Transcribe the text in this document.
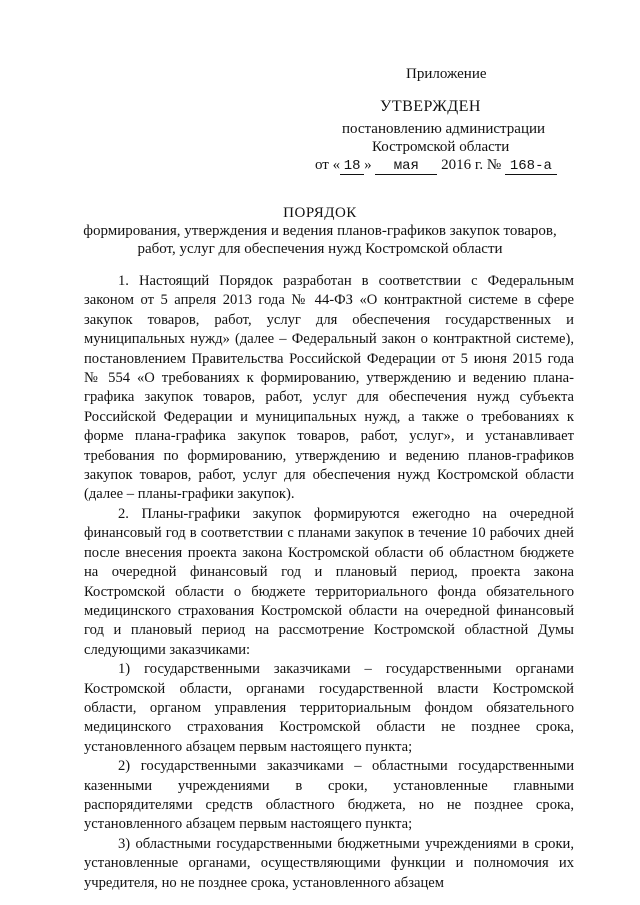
Приложение
УТВЕРЖДЕН
постановлению администрации
Костромской области
от « 18 » мая 2016 г. № 168-а
ПОРЯДОК
формирования, утверждения и ведения планов-графиков закупок товаров,
работ, услуг для обеспечения нужд Костромской области

1. Настоящий Порядок разработан в соответствии с Федеральным законом от 5 апреля 2013 года № 44-ФЗ «О контрактной системе в сфере закупок товаров, работ, услуг для обеспечения государственных и муниципальных нужд» (далее – Федеральный закон о контрактной системе), постановлением Правительства Российской Федерации от 5 июня 2015 года № 554 «О требованиях к формированию, утверждению и ведению плана-графика закупок товаров, работ, услуг для обеспечения нужд субъекта Российской Федерации и муниципальных нужд, а также о требованиях к форме плана-графика закупок товаров, работ, услуг», и устанавливает требования по формированию, утверждению и ведению планов-графиков закупок товаров, работ, услуг для обеспечения нужд Костромской области (далее – планы-графики закупок).

2. Планы-графики закупок формируются ежегодно на очередной финансовый год в соответствии с планами закупок в течение 10 рабочих дней после внесения проекта закона Костромской области об областном бюджете на очередной финансовый год и плановый период, проекта закона Костромской области о бюджете территориального фонда обязательного медицинского страхования Костромской области на очередной финансовый год и плановый период на рассмотрение Костромской областной Думы следующими заказчиками:

1) государственными заказчиками – государственными органами Костромской области, органами государственной власти Костромской области, органом управления территориальным фондом обязательного медицинского страхования Костромской области не позднее срока, установленного абзацем первым настоящего пункта;

2) государственными заказчиками – областными государственными казенными учреждениями в сроки, установленные главными распорядителями средств областного бюджета, но не позднее срока, установленного абзацем первым настоящего пункта;

3) областными государственными бюджетными учреждениями в сроки, установленные органами, осуществляющими функции и полномочия их учредителя, но не позднее срока, установленного абзацем
